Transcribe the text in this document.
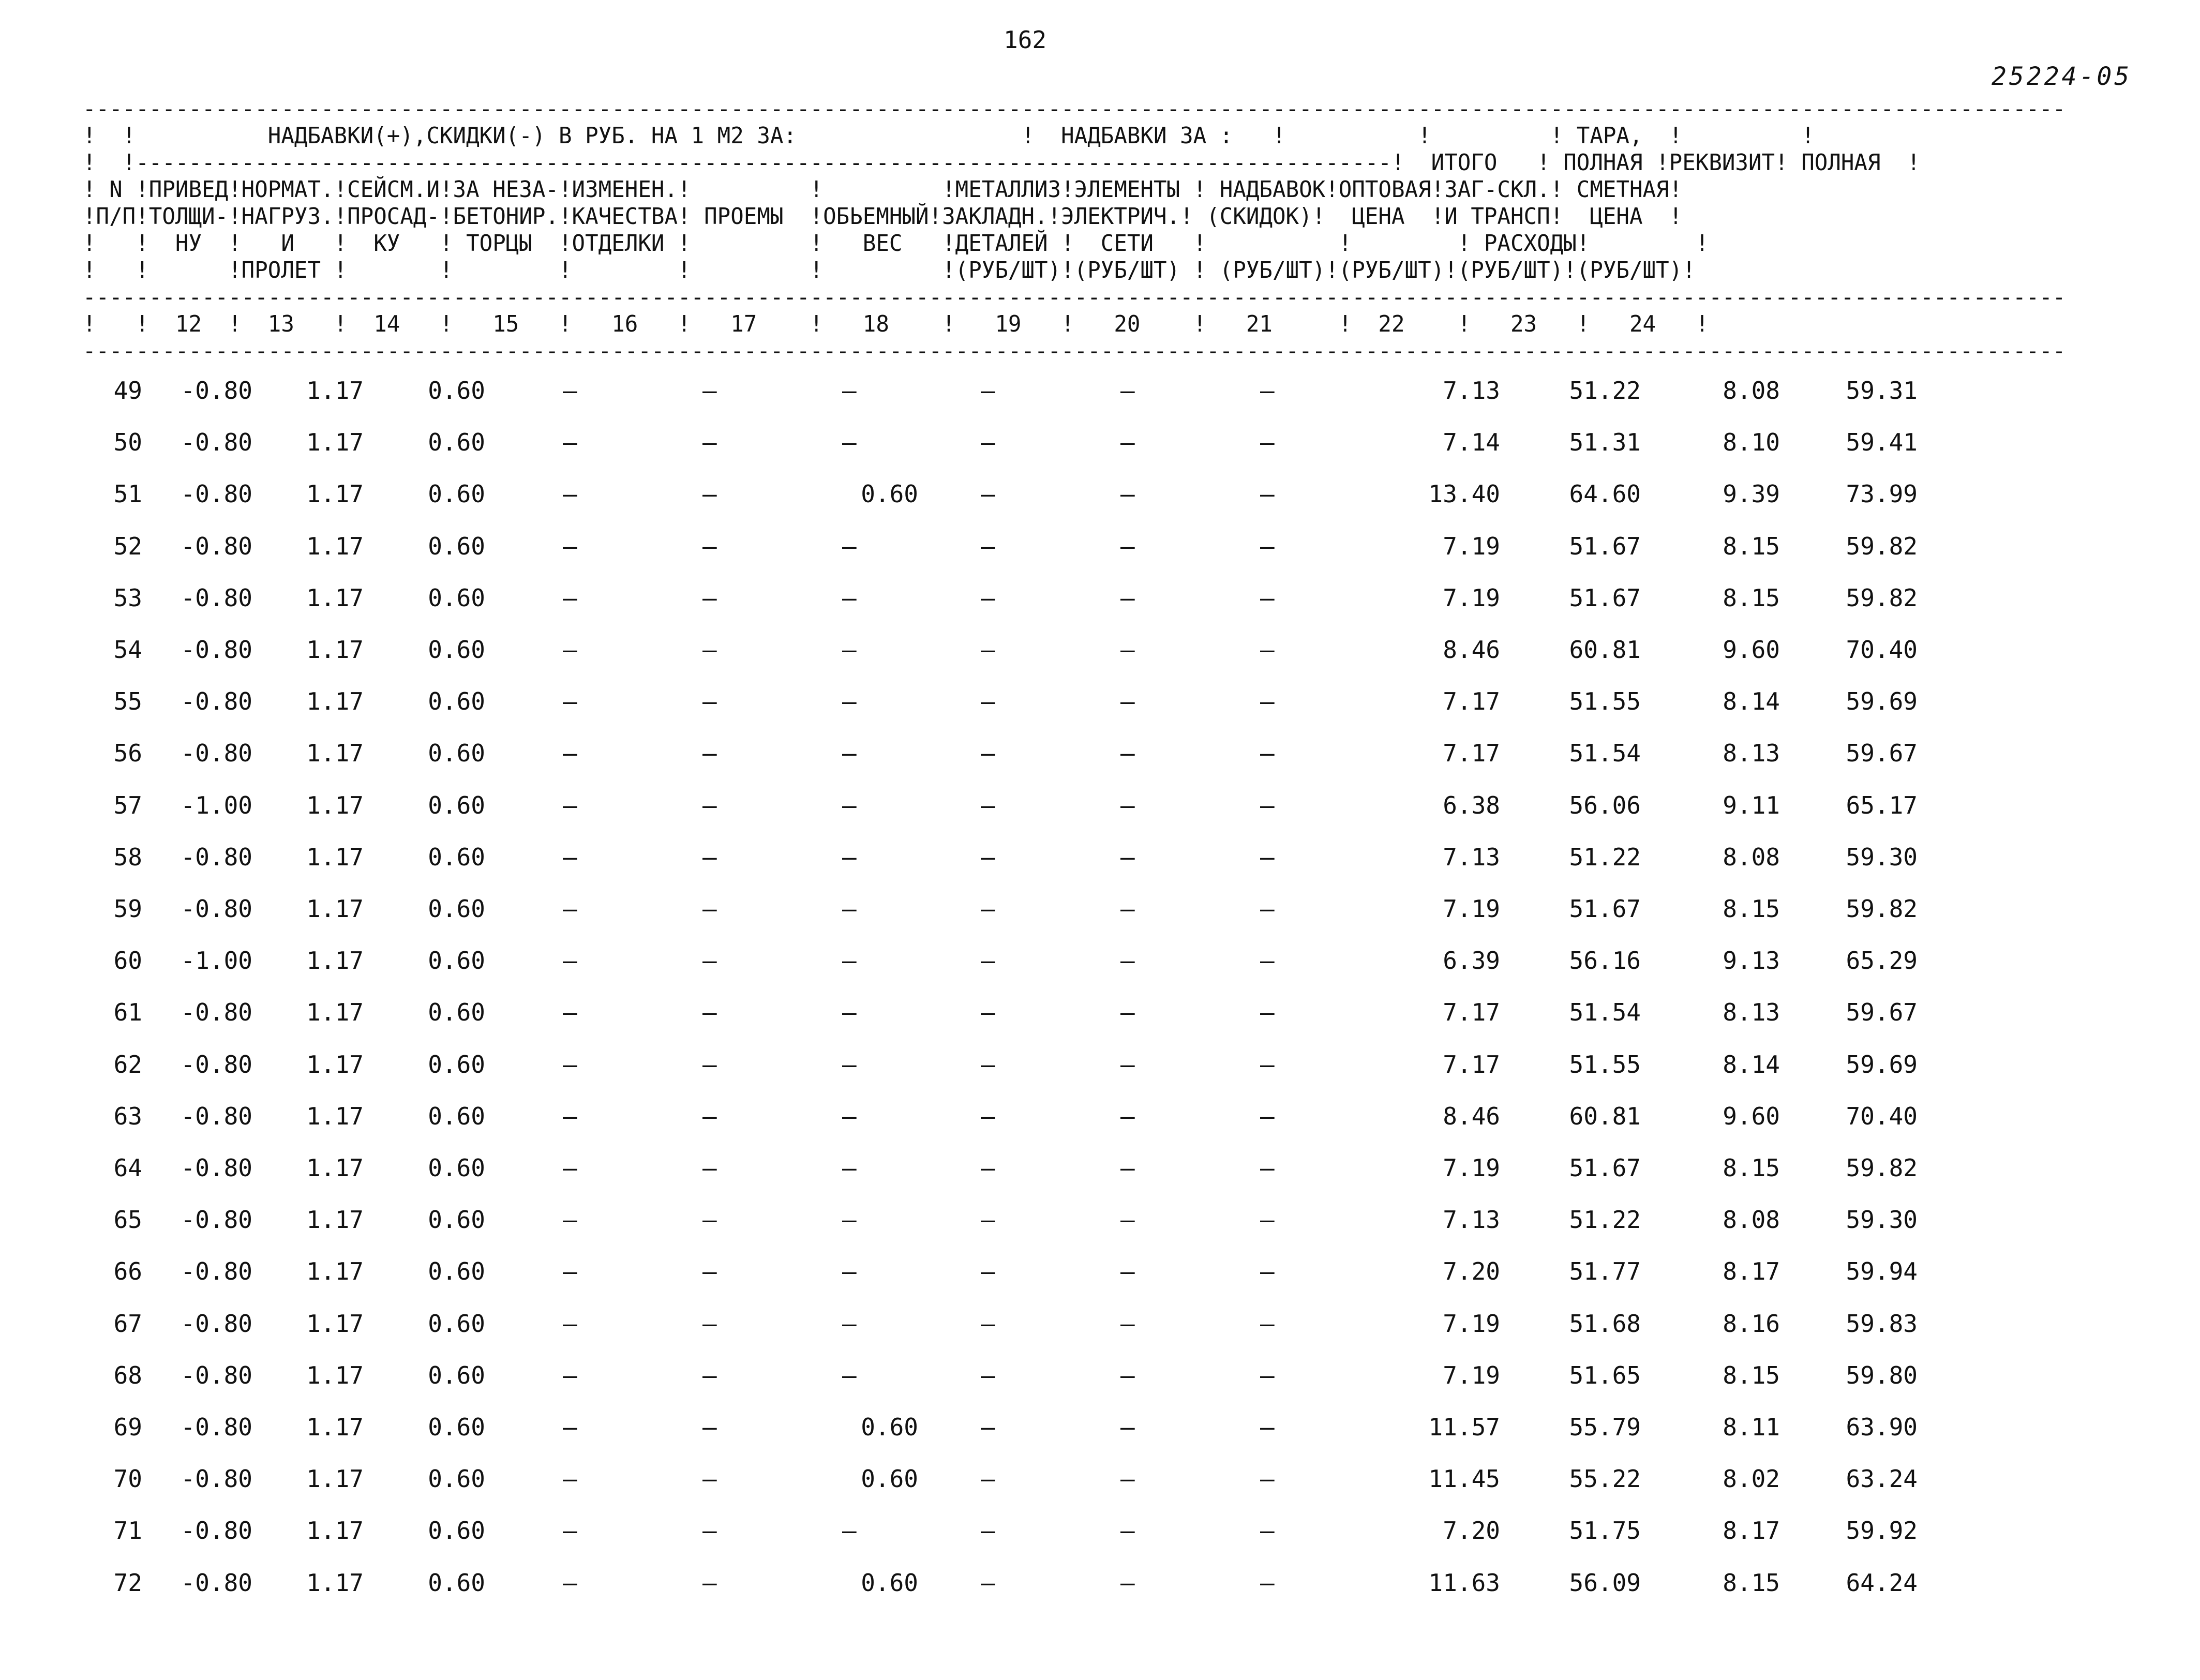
162
25224-05
------------------------------------------------------------------------------------------------------------------------------------------------------
!  !          НАДБАВКИ(+),СКИДКИ(-) В РУБ. НА 1 М2 ЗА:                 !  НАДБАВКИ ЗА :   !          !         ! ТАРА,  !         !
!  !-----------------------------------------------------------------------------------------------!  ИТОГО   ! ПОЛНАЯ !РЕКВИЗИТ! ПОЛНАЯ  !
! N !ПРИВЕД!НОРМАТ.!СЕЙСМ.И!ЗА НЕЗА-!ИЗМЕНЕН.!         !         !МЕТАЛЛИЗ!ЭЛЕМЕНТЫ ! НАДБАВОК!ОПТОВАЯ!ЗАГ-СКЛ.! СМЕТНАЯ!
!П/П!ТОЛЩИ-!НАГРУЗ.!ПРОСАД-!БЕТОНИР.!КАЧЕСТВА! ПРОЕМЫ  !ОБЬЕМНЫЙ!ЗАКЛАДН.!ЭЛЕКТРИЧ.! (СКИДОК)!  ЦЕНА  !И ТРАНСП!  ЦЕНА  !
!   !  НУ  !   И   !  КУ   ! ТОРЦЫ  !ОТДЕЛКИ !         !   ВЕС   !ДЕТАЛЕЙ !  СЕТИ   !          !        ! РАСХОДЫ!        !
!   !      !ПРОЛЕТ !       !        !        !         !         !(РУБ/ШТ)!(РУБ/ШТ) ! (РУБ/ШТ)!(РУБ/ШТ)!(РУБ/ШТ)!(РУБ/ШТ)!
------------------------------------------------------------------------------------------------------------------------------------------------------
!   !  12  !  13   !  14   !   15   !   16   !   17    !   18    !   19   !   20    !   21     !  22    !   23   !   24   !
------------------------------------------------------------------------------------------------------------------------------------------------------
49 -0.80 1.17	0.60	–	–	–	–	–	–	7.13	51.22	8.08	59.31
50 -0.80 1.17	0.60	–	–	–	–	–	–	7.14	51.31	8.10	59.41
51 -0.80 1.17	0.60	–	–	0.60	–	–	–	13.40	64.60	9.39	73.99
52 -0.80 1.17	0.60	–	–	–	–	–	–	7.19	51.67	8.15	59.82
53 -0.80 1.17	0.60	–	–	–	–	–	–	7.19	51.67	8.15	59.82
54 -0.80 1.17	0.60	–	–	–	–	–	–	8.46	60.81	9.60	70.40
55 -0.80 1.17	0.60	–	–	–	–	–	–	7.17	51.55	8.14	59.69
56 -0.80 1.17	0.60	–	–	–	–	–	–	7.17	51.54	8.13	59.67
57 -1.00 1.17	0.60	–	–	–	–	–	–	6.38	56.06	9.11	65.17
58 -0.80 1.17	0.60	–	–	–	–	–	–	7.13	51.22	8.08	59.30
59 -0.80 1.17	0.60	–	–	–	–	–	–	7.19	51.67	8.15	59.82
60 -1.00 1.17	0.60	–	–	–	–	–	–	6.39	56.16	9.13	65.29
61 -0.80 1.17	0.60	–	–	–	–	–	–	7.17	51.54	8.13	59.67
62 -0.80 1.17	0.60	–	–	–	–	–	–	7.17	51.55	8.14	59.69
63 -0.80 1.17	0.60	–	–	–	–	–	–	8.46	60.81	9.60	70.40
64 -0.80 1.17	0.60	–	–	–	–	–	–	7.19	51.67	8.15	59.82
65 -0.80 1.17	0.60	–	–	–	–	–	–	7.13	51.22	8.08	59.30
66 -0.80 1.17	0.60	–	–	–	–	–	–	7.20	51.77	8.17	59.94
67 -0.80 1.17	0.60	–	–	–	–	–	–	7.19	51.68	8.16	59.83
68 -0.80 1.17	0.60	–	–	–	–	–	–	7.19	51.65	8.15	59.80
69 -0.80 1.17	0.60	–	–	0.60	–	–	–	11.57	55.79	8.11	63.90
70 -0.80 1.17	0.60	–	–	0.60	–	–	–	11.45	55.22	8.02	63.24
71 -0.80 1.17	0.60	–	–	–	–	–	–	7.20	51.75	8.17	59.92
72 -0.80 1.17	0.60	–	–	0.60	–	–	–	11.63	56.09	8.15	64.24
